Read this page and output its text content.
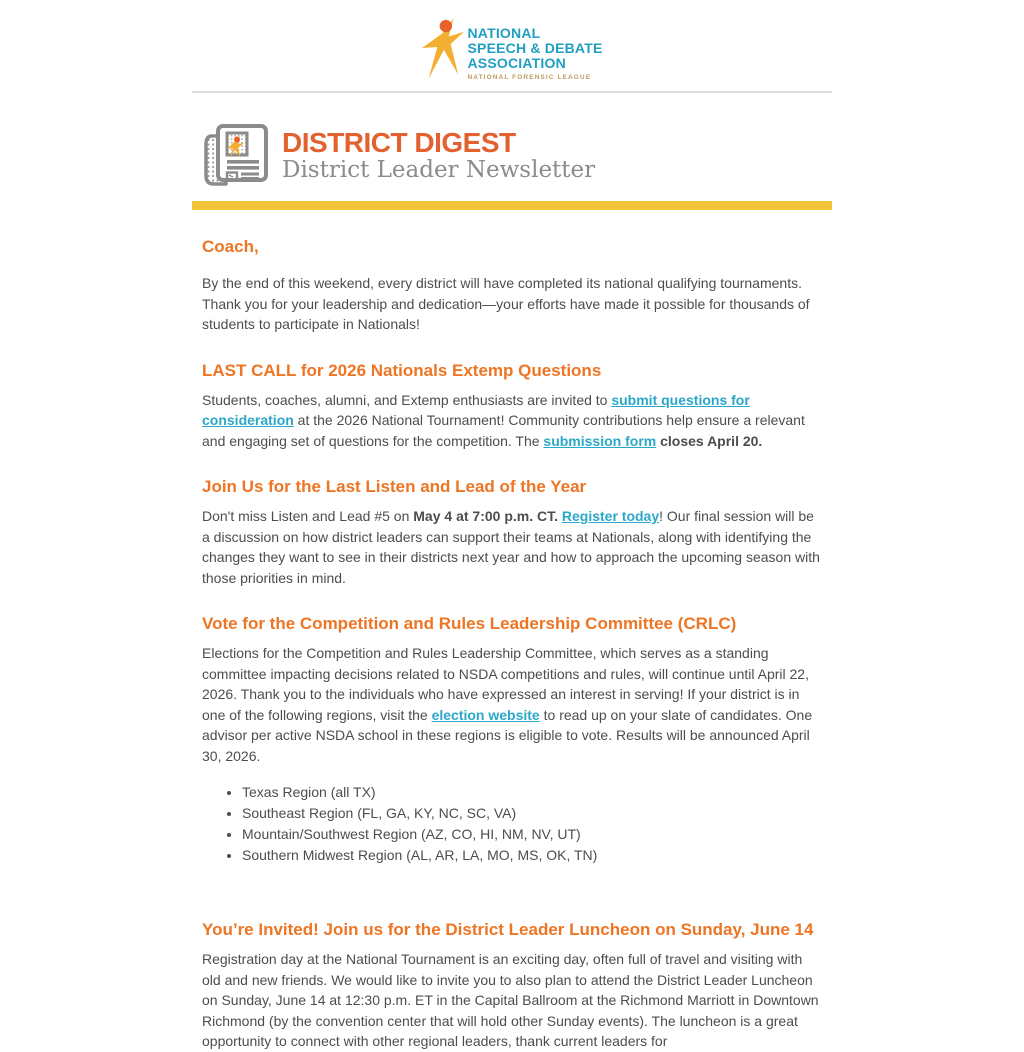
NATIONAL
SPEECH & DEBATE
ASSOCIATION
NATIONAL FORENSIC LEAGUE
DISTRICT DIGEST
District Leader Newsletter
Coach,

By the end of this weekend, every district will have completed its national qualifying tournaments. Thank you for your leadership and dedication—your efforts have made it possible for thousands of students to participate in Nationals!

LAST CALL for 2026 Nationals Extemp Questions

Students, coaches, alumni, and Extemp enthusiasts are invited to submit questions for consideration at the 2026 National Tournament! Community contributions help ensure a relevant and engaging set of questions for the competition. The submission form closes April 20.

Join Us for the Last Listen and Lead of the Year

Don't miss Listen and Lead #5 on May 4 at 7:00 p.m. CT. Register today! Our final session will be a discussion on how district leaders can support their teams at Nationals, along with identifying the changes they want to see in their districts next year and how to approach the upcoming season with those priorities in mind.

Vote for the Competition and Rules Leadership Committee (CRLC)

Elections for the Competition and Rules Leadership Committee, which serves as a standing committee impacting decisions related to NSDA competitions and rules, will continue until April 22, 2026. Thank you to the individuals who have expressed an interest in serving! If your district is in one of the following regions, visit the election website to read up on your slate of candidates. One advisor per active NSDA school in these regions is eligible to vote. Results will be announced April 30, 2026.

• Texas Region (all TX)
• Southeast Region (FL, GA, KY, NC, SC, VA)
• Mountain/Southwest Region (AZ, CO, HI, NM, NV, UT)
• Southern Midwest Region (AL, AR, LA, MO, MS, OK, TN)
You’re Invited! Join us for the District Leader Luncheon on Sunday, June 14

Registration day at the National Tournament is an exciting day, often full of travel and visiting with old and new friends. We would like to invite you to also plan to attend the District Leader Luncheon on Sunday, June 14 at 12:30 p.m. ET in the Capital Ballroom at the Richmond Marriott in Downtown Richmond (by the convention center that will hold other Sunday events). The luncheon is a great opportunity to connect with other regional leaders, thank current leaders for
